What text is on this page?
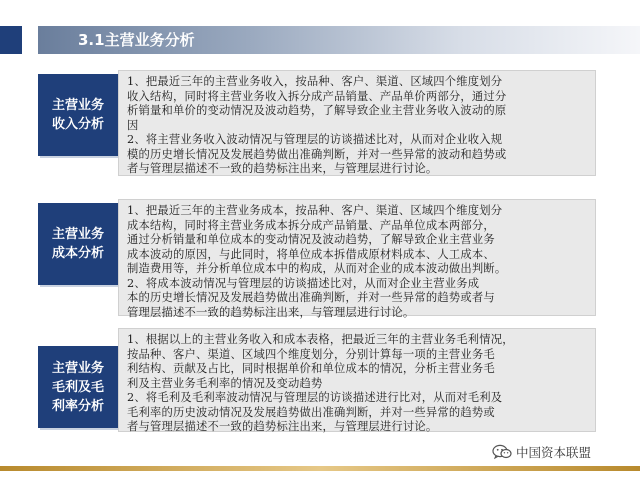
3.1主营业务分析
主营业务
收入分析

1、把最近三年的主营业务收入，按品种、客户、渠道、区域四个维度划分
收入结构，同时将主营业务收入拆分成产品销量、产品单价两部分，通过分
析销量和单价的变动情况及波动趋势，了解导致企业主营业务收入波动的原
因

2、将主营业务收入波动情况与管理层的访谈描述比对，从而对企业收入规
模的历史增长情况及发展趋势做出准确判断，并对一些异常的波动和趋势或
者与管理层描述不一致的趋势标注出来，与管理层进行讨论。

主营业务
成本分析

1、把最近三年的主营业务成本，按品种、客户、渠道、区域四个维度划分
成本结构，同时将主营业务成本拆分成产品销量、产品单位成本两部分，
通过分析销量和单位成本的变动情况及波动趋势，了解导致企业主营业务
成本波动的原因，与此同时，将单位成本拆借成原材料成本、人工成本、
制造费用等，并分析单位成本中的构成，从而对企业的成本波动做出判断。

2、将成本波动情况与管理层的访谈描述比对，从而对企业主营业务成
本的历史增长情况及发展趋势做出准确判断，并对一些异常的趋势或者与
管理层描述不一致的趋势标注出来，与管理层进行讨论。

主营业务
毛利及毛
利率分析

1、根据以上的主营业务收入和成本表格，把最近三年的主营业务毛利情况，
按品种、客户、渠道、区域四个维度划分，分别计算每一项的主营业务毛
利结构、贡献及占比，同时根据单价和单位成本的情况，分析主营业务毛
利及主营业务毛利率的情况及变动趋势

2、将毛利及毛利率波动情况与管理层的访谈描述进行比对，从而对毛利及
毛利率的历史波动情况及发展趋势做出准确判断，并对一些异常的趋势或
者与管理层描述不一致的趋势标注出来，与管理层进行讨论。

中国资本联盟
